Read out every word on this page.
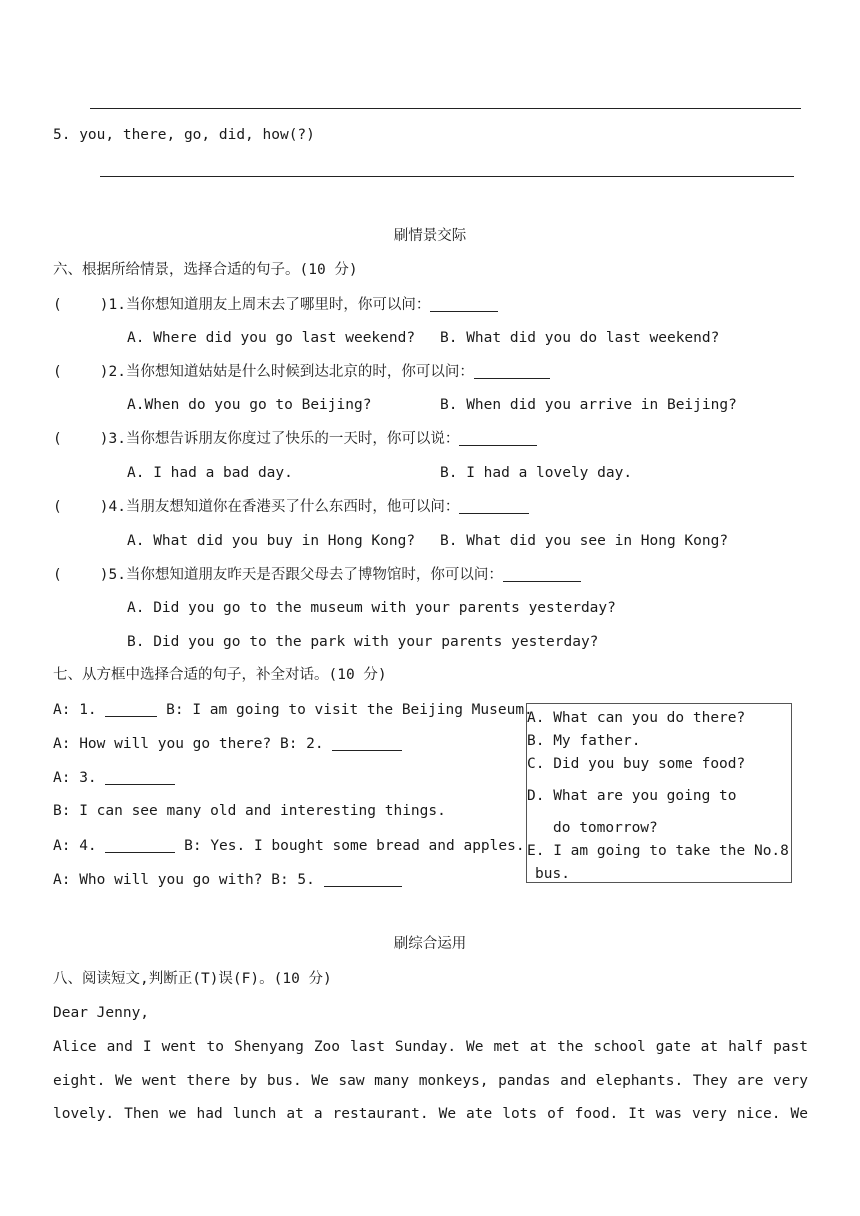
5. you, there, go, did, how(?)
刷情景交际
六、根据所给情景，选择合适的句子。(10 分)
(	)1.当你想知道朋友上周末去了哪里时，你可以问：
A. Where did you go last weekend? B. What did you do last weekend?
(	)2.当你想知道姑姑是什么时候到达北京的时，你可以问：
A.When do you go to Beijing?	B. When did you arrive in Beijing?
(	)3.当你想告诉朋友你度过了快乐的一天时，你可以说：
A. I had a bad day.	B. I had a lovely day.
(	)4.当朋友想知道你在香港买了什么东西时，他可以问：
A. What did you buy in Hong Kong? B. What did you see in Hong Kong?
(	)5.当你想知道朋友昨天是否跟父母去了博物馆时，你可以问：
A. Did you go to the museum with your parents yesterday?
B. Did you go to the park with your parents yesterday?
七、从方框中选择合适的句子，补全对话。(10 分)
A: 1.	B: I am going to visit the Beijing Museum.
A: How will you go there? B: 2.
A: 3.
B: I can see many old and interesting things.
A: 4.	B: Yes. I bought some bread and apples.
A: Who will you go with? B: 5.
A. What can you do there?
B. My father.
C. Did you buy some food?
D. What are you going to
do tomorrow?
E. I am going to take the No.8
bus.
刷综合运用
八、阅读短文,判断正(T)误(F)。(10 分)
Dear Jenny,
Alice and I went to Shenyang Zoo last Sunday. We met at the school gate at half past
eight. We went there by bus. We saw many monkeys, pandas and elephants. They are very
lovely. Then we had lunch at a restaurant. We ate lots of food. It was very nice. We
